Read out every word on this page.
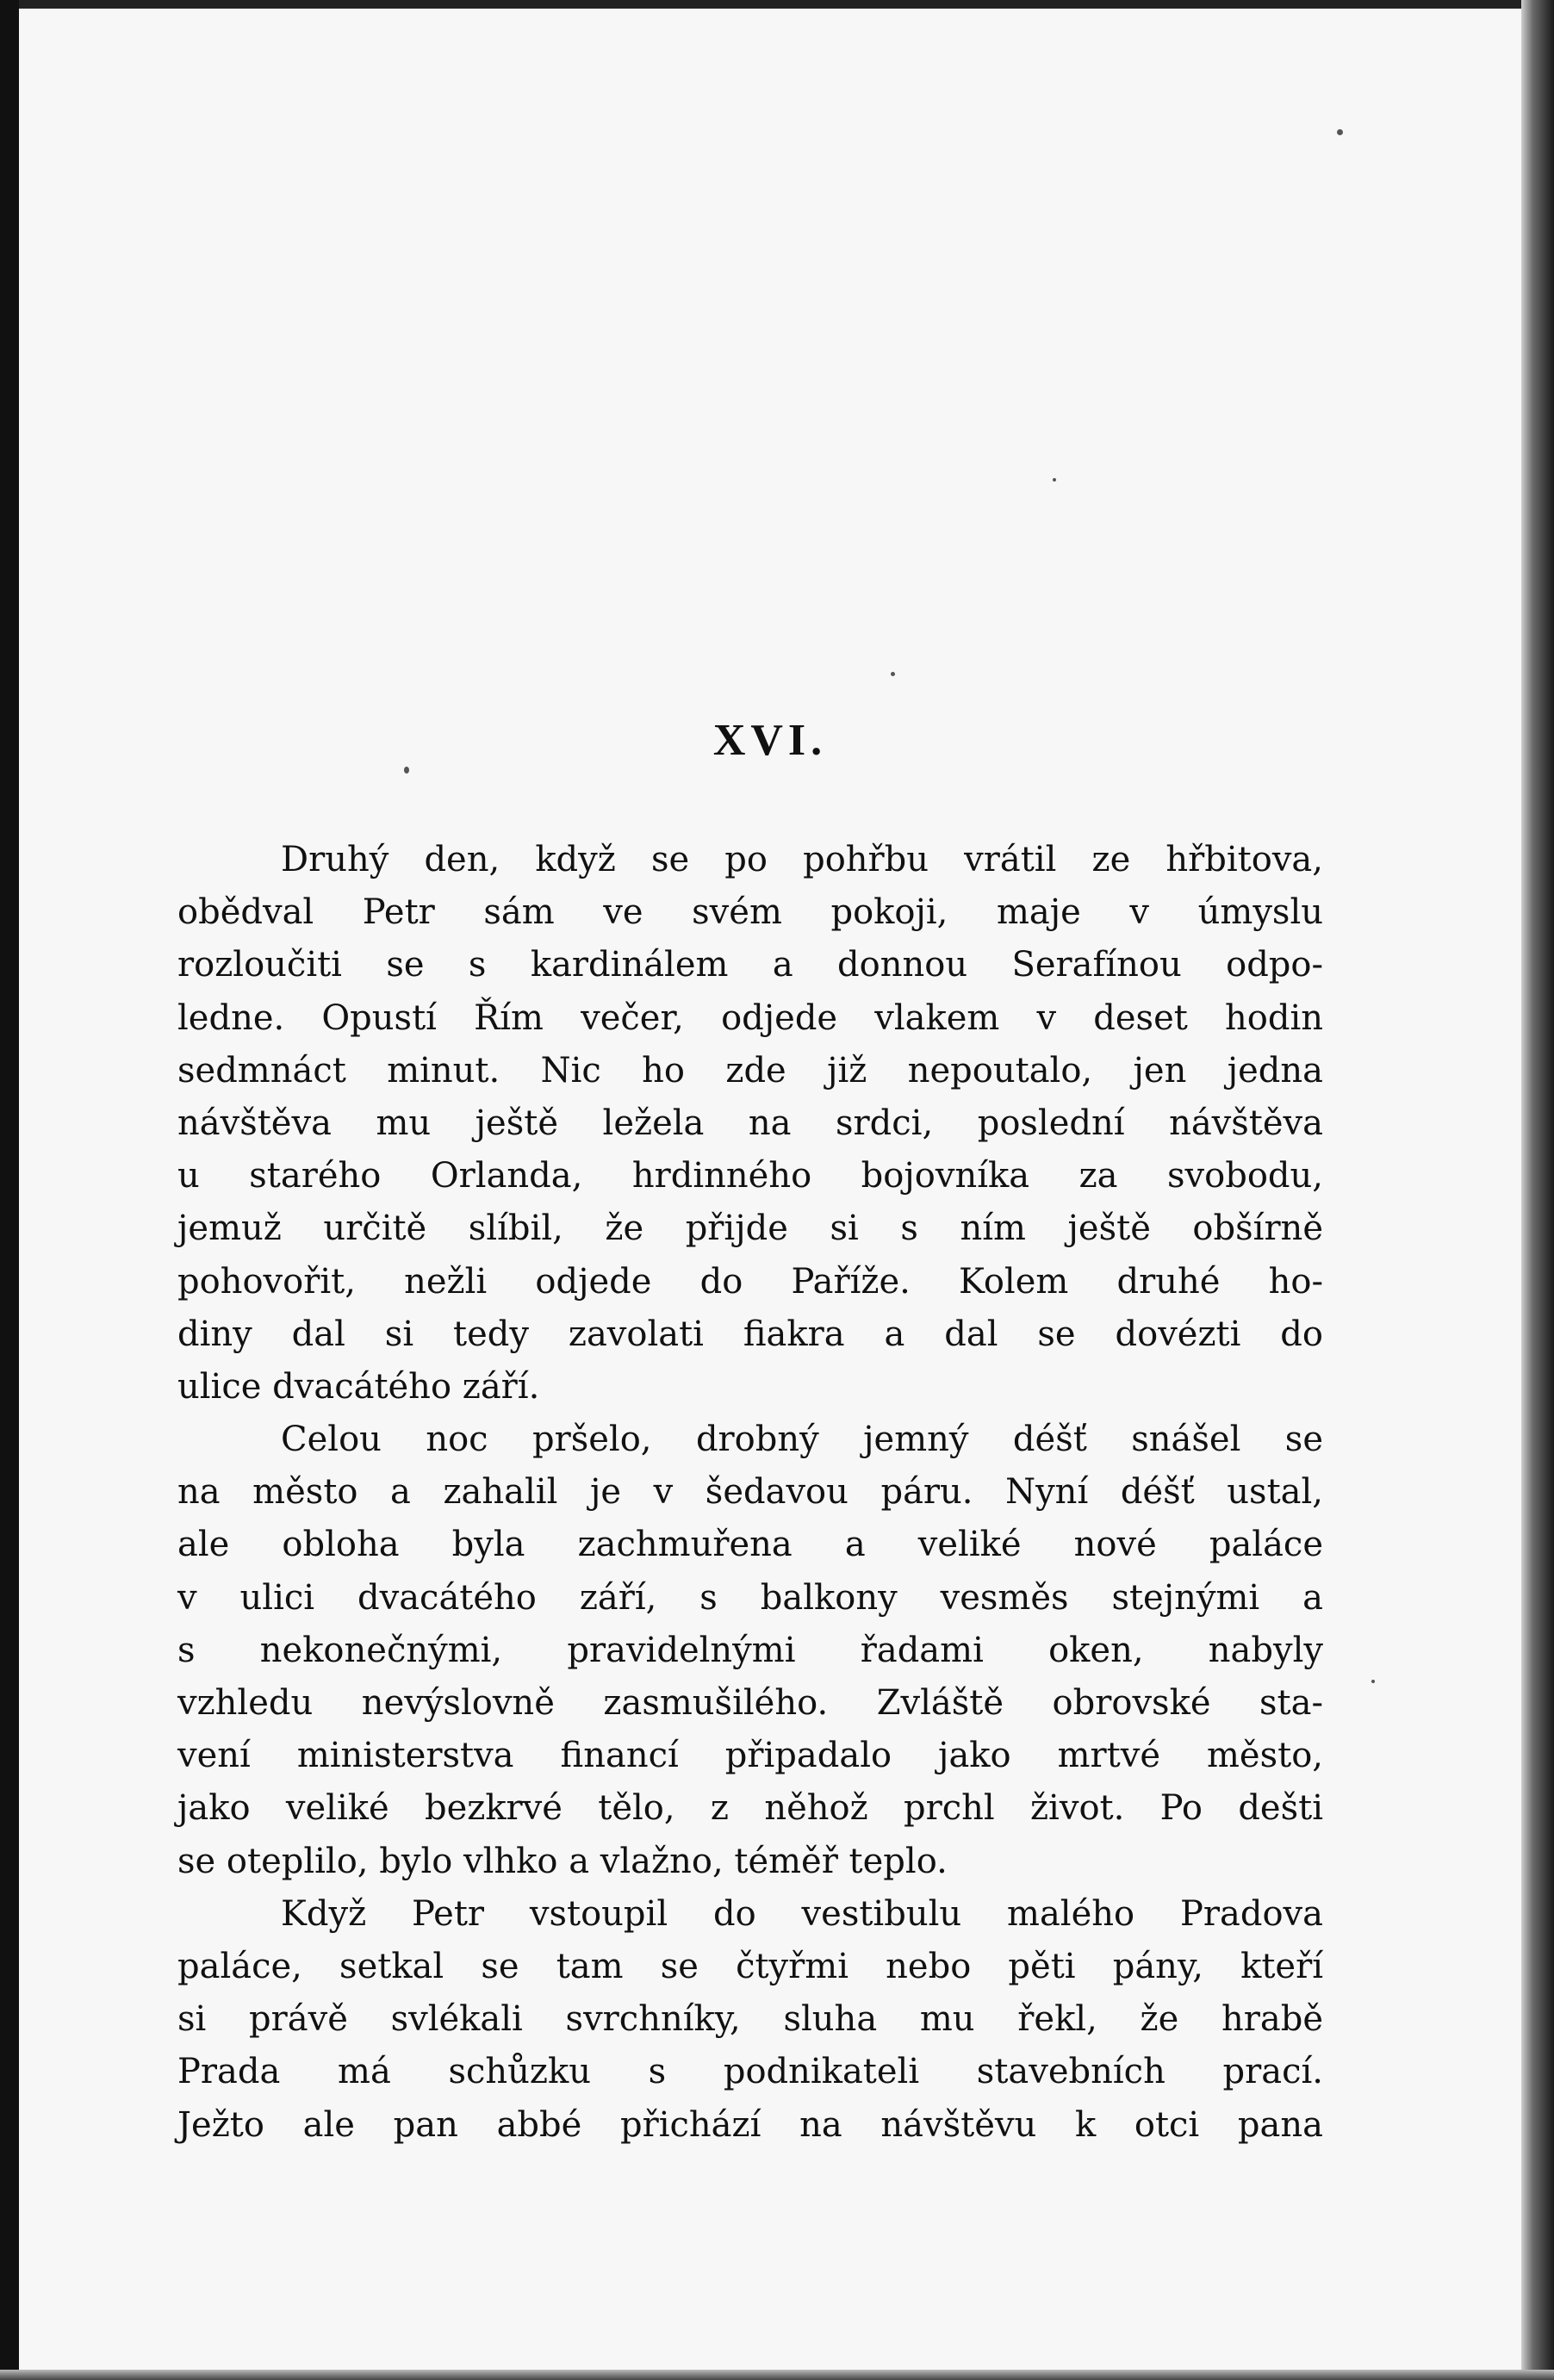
XVI.
Druhý den, když se po pohřbu vrátil ze hřbitova,
obědval Petr sám ve svém pokoji, maje v úmyslu
rozloučiti se s kardinálem a donnou Serafínou odpo-
ledne. Opustí Řím večer, odjede vlakem v deset hodin
sedmnáct minut. Nic ho zde již nepoutalo, jen jedna
návštěva mu ještě ležela na srdci, poslední návštěva
u starého Orlanda, hrdinného bojovníka za svobodu,
jemuž určitě slíbil, že přijde si s ním ještě obšírně
pohovořit, nežli odjede do Paříže. Kolem druhé ho-
diny dal si tedy zavolati fiakra a dal se dovézti do
ulice dvacátého září.
Celou noc pršelo, drobný jemný déšť snášel se
na město a zahalil je v šedavou páru. Nyní déšť ustal,
ale obloha byla zachmuřena a veliké nové paláce
v ulici dvacátého září, s balkony vesměs stejnými a
s nekonečnými, pravidelnými řadami oken, nabyly
vzhledu nevýslovně zasmušilého. Zvláště obrovské sta-
vení ministerstva financí připadalo jako mrtvé město,
jako veliké bezkrvé tělo, z něhož prchl život. Po dešti
se oteplilo, bylo vlhko a vlažno, téměř teplo.
Když Petr vstoupil do vestibulu malého Pradova
paláce, setkal se tam se čtyřmi nebo pěti pány, kteří
si právě svlékali svrchníky, sluha mu řekl, že hrabě
Prada má schůzku s podnikateli stavebních prací.
Ježto ale pan abbé přichází na návštěvu k otci pana
